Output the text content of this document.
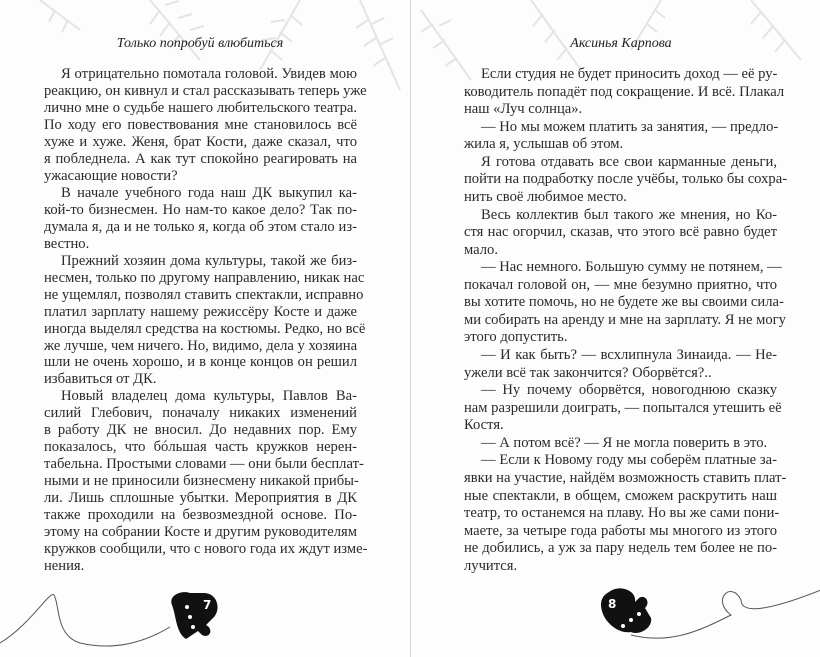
Только попробуй влюбиться
Я отрицательно помотала головой. Увидев мою
реакцию, он кивнул и стал рассказывать теперь уже
лично мне о судьбе нашего любительского театра.
По ходу его повествования мне становилось всё
хуже и хуже. Женя, брат Кости, даже сказал, что
я побледнела. А как тут спокойно реагировать на
ужасающие новости?
В начале учебного года наш ДК выкупил ка-
кой-то бизнесмен. Но нам-то какое дело? Так по-
думала я, да и не только я, когда об этом стало из-
вестно.
Прежний хозяин дома культуры, такой же биз-
несмен, только по другому направлению, никак нас
не ущемлял, позволял ставить спектакли, исправно
платил зарплату нашему режиссёру Косте и даже
иногда выделял средства на костюмы. Редко, но всё
же лучше, чем ничего. Но, видимо, дела у хозяина
шли не очень хорошо, и в конце концов он решил
избавиться от ДК.
Новый владелец дома культуры, Павлов Ва-
силий Глебович, поначалу никаких изменений
в работу ДК не вносил. До недавних пор. Ему
показалось, что бóльшая часть кружков нерен-
табельна. Простыми словами — они были бесплат-
ными и не приносили бизнесмену никакой прибы-
ли. Лишь сплошные убытки. Мероприятия в ДК
также проходили на безвозмездной основе. По-
этому на собрании Косте и другим руководителям
кружков сообщили, что с нового года их ждут изме-
нения.
7
Аксинья Карпова
Если студия не будет приносить доход — её ру-
ководитель попадёт под сокращение. И всё. Плакал
наш «Луч солнца».
— Но мы можем платить за занятия, — предло-
жила я, услышав об этом.
Я готова отдавать все свои карманные деньги,
пойти на подработку после учёбы, только бы сохра-
нить своё любимое место.
Весь коллектив был такого же мнения, но Ко-
стя нас огорчил, сказав, что этого всё равно будет
мало.
— Нас немного. Большую сумму не потянем, —
покачал головой он, — мне безумно приятно, что
вы хотите помочь, но не будете же вы своими сила-
ми собирать на аренду и мне на зарплату. Я не могу
этого допустить.
— И как быть? — всхлипнула Зинаида. — Не-
ужели всё так закончится? Оборвётся?..
— Ну почему оборвётся, новогоднюю сказку
нам разрешили доиграть, — попытался утешить её
Костя.
— А потом всё? — Я не могла поверить в это.
— Если к Новому году мы соберём платные за-
явки на участие, найдём возможность ставить плат-
ные спектакли, в общем, сможем раскрутить наш
театр, то останемся на плаву. Но вы же сами пони-
маете, за четыре года работы мы многого из этого
не добились, а уж за пару недель тем более не по-
лучится.
8
